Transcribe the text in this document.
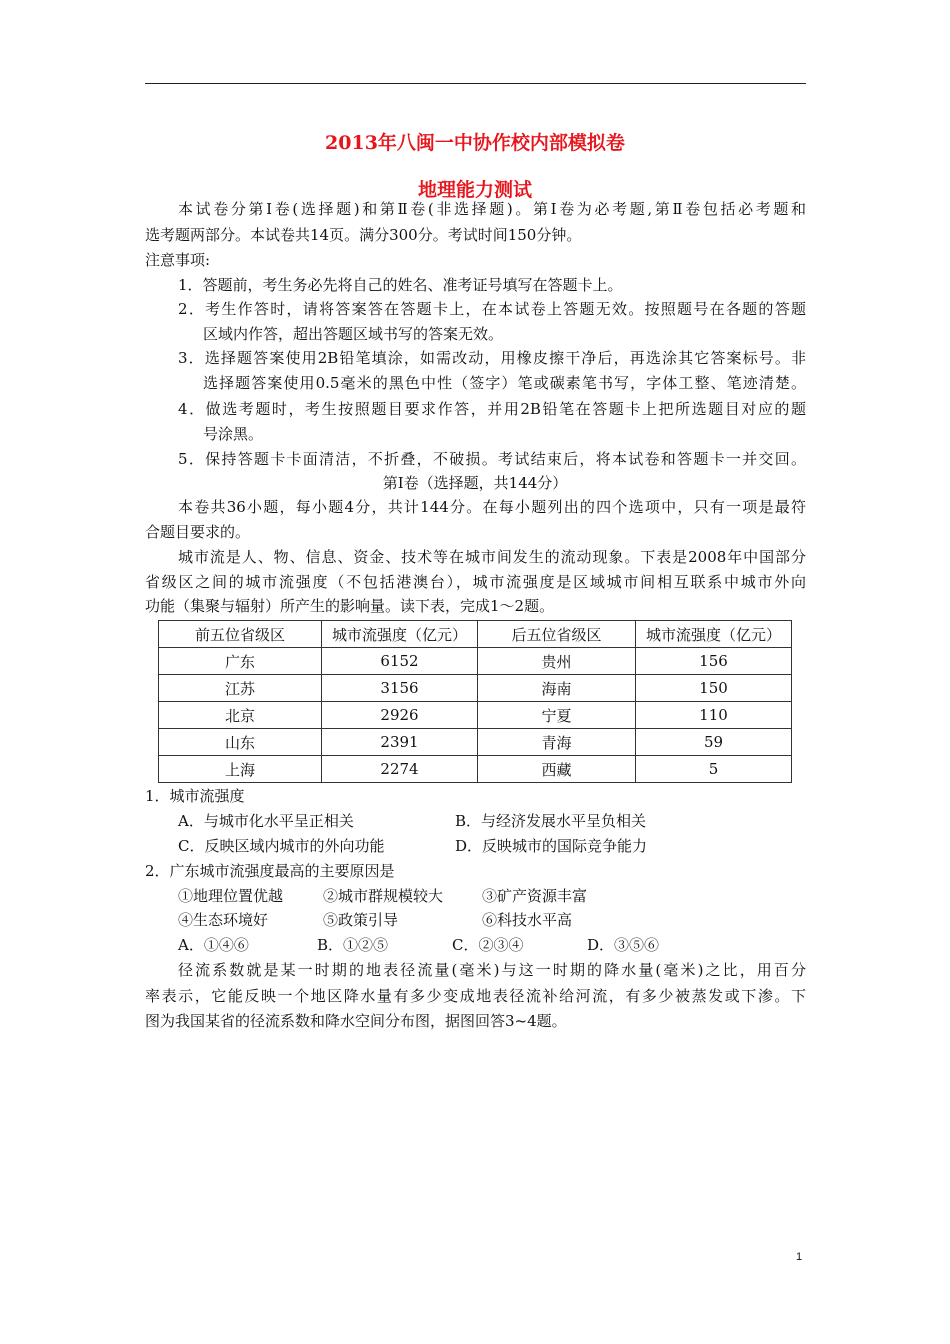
2013年八闽一中协作校内部模拟卷
地理能力测试
本试卷分第Ⅰ卷(选择题)和第Ⅱ卷(非选择题)。第Ⅰ卷为必考题,第Ⅱ卷包括必考题和
选考题两部分。本试卷共14页。满分300分。考试时间150分钟。
注意事项:
1．答题前，考生务必先将自己的姓名、准考证号填写在答题卡上。
2．考生作答时，请将答案答在答题卡上，在本试卷上答题无效。按照题号在各题的答题
区域内作答，超出答题区域书写的答案无效。
3．选择题答案使用2B铅笔填涂，如需改动，用橡皮擦干净后，再选涂其它答案标号。非
选择题答案使用0.5毫米的黑色中性（签字）笔或碳素笔书写，字体工整、笔迹清楚。
4．做选考题时，考生按照题目要求作答，并用2B铅笔在答题卡上把所选题目对应的题
号涂黑。
5．保持答题卡卡面清洁，不折叠，不破损。考试结束后，将本试卷和答题卡一并交回。
第Ⅰ卷（选择题，共144分）
本卷共36小题，每小题4分，共计144分。在每小题列出的四个选项中，只有一项是最符
合题目要求的。
城市流是人、物、信息、资金、技术等在城市间发生的流动现象。下表是2008年中国部分
省级区之间的城市流强度（不包括港澳台），城市流强度是区域城市间相互联系中城市外向
功能（集聚与辐射）所产生的影响量。读下表，完成1～2题。
前五位省级区	城市流强度（亿元）	后五位省级区	城市流强度（亿元）
广东	6152	贵州	156
江苏	3156	海南	150
北京	2926	宁夏	110
山东	2391	青海	59
上海	2274	西藏	5
1．城市流强度
A．与城市化水平呈正相关	B．与经济发展水平呈负相关
C．反映区域内城市的外向功能	D．反映城市的国际竞争能力
2．广东城市流强度最高的主要原因是
①地理位置优越	②城市群规模较大	③矿产资源丰富
④生态环境好	⑤政策引导	⑥科技水平高
A．①④⑥	B．①②⑤	C．②③④	D．③⑤⑥
径流系数就是某一时期的地表径流量(毫米)与这一时期的降水量(毫米)之比，用百分
率表示，它能反映一个地区降水量有多少变成地表径流补给河流，有多少被蒸发或下渗。下
图为我国某省的径流系数和降水空间分布图，据图回答3~4题。
1
